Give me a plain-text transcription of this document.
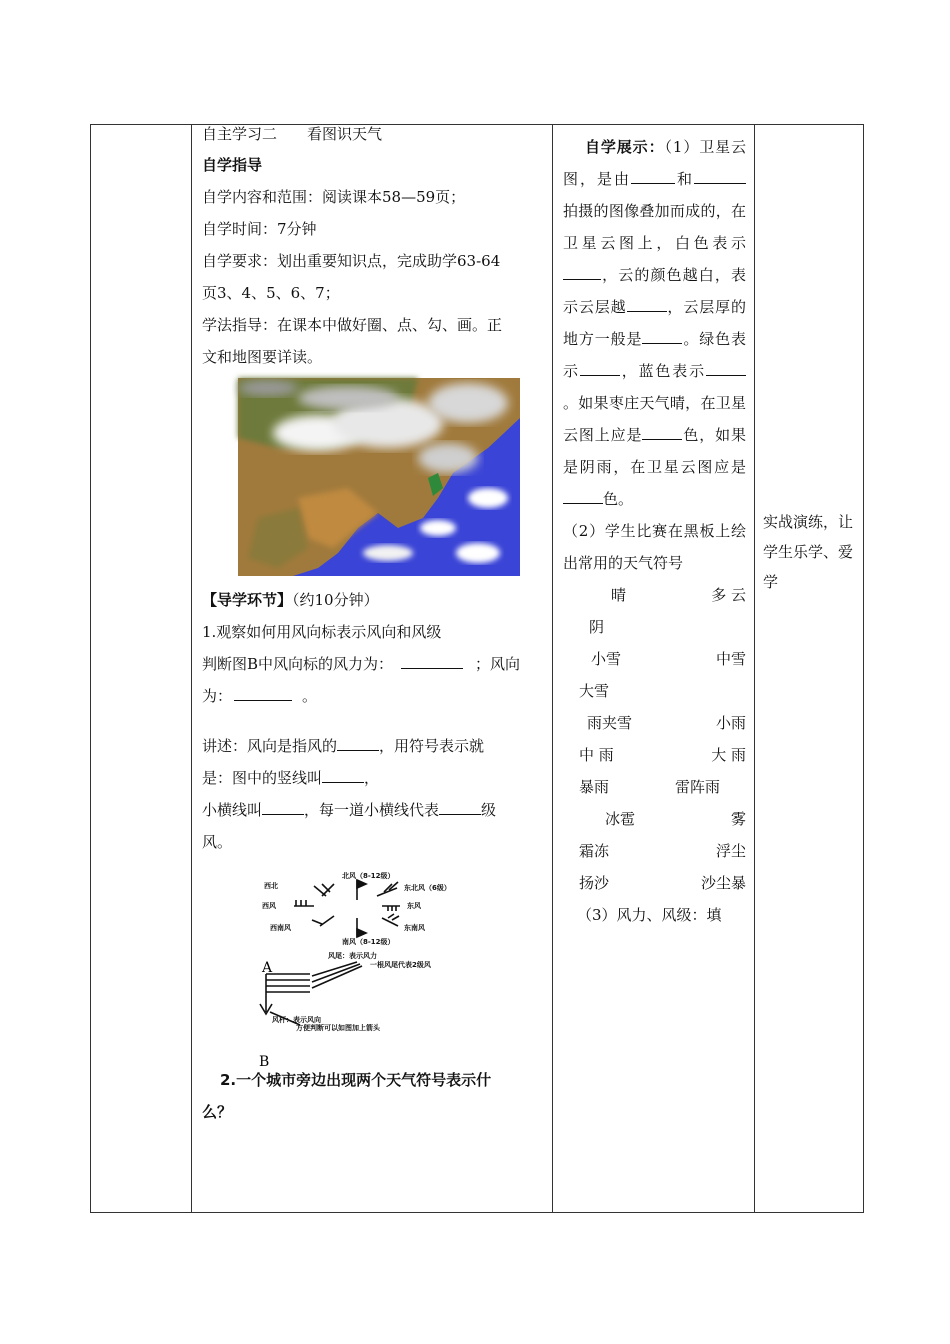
自主学习二　　看图识天气
自学指导
自学内容和范围：阅读课本58—59页；
自学时间：7分钟
自学要求：划出重要知识点，完成助学63-64
页3、4、5、6、7；
学法指导：在课本中做好圈、点、勾、画。正
文和地图要详读。
【导学环节】（约10分钟）
1.观察如何用风向标表示风向和风级
判断图B中风向标的风力为：	；风向
为：	。
讲述：风向是指风的	，用符号表示就
是：图中的竖线叫	，
小横线叫	，每一道小横线代表	级
风。
北风（8-12级）
西北	东北风（6级）
西风	东风
西南风	东南风
南风（8-12级）
风尾：表示风力
一根风尾代表2级风
风杆：表示风向
方便判断可以如图加上箭头
A
B
2.一个城市旁边出现两个天气符号表示什
么？

自学展示：（1）卫星云图，是由	和拍摄的图像叠加而成的，在卫星云图上，白色表示，云的颜色越白，表示云层越	，云层厚的地方一般是	。绿色表示	，蓝色表示。如果枣庄天气晴，在卫星云图上应是	色，如果是阴雨，在卫星云图应是色。
（2）学生比赛在黑板上绘出常用的天气符号
晴	多 云
阴
小雪	中雪
大雪
雨夹雪	小雨
中 雨	大 雨
暴雨	雷阵雨
冰雹	雾
霜冻	浮尘
扬沙	沙尘暴
（3）风力、风级：填

实战演练，让学生乐学、爱学
